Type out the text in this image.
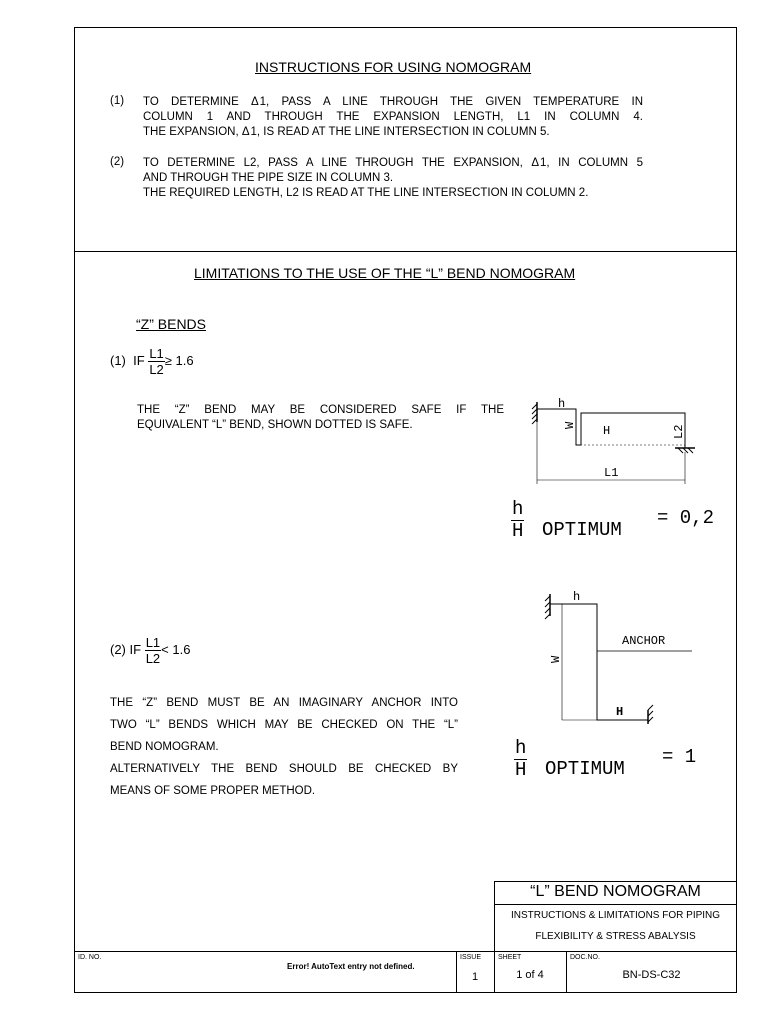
INSTRUCTIONS FOR USING NOMOGRAM
(1) TO DETERMINE Δ 1, PASS A LINE THROUGH THE GIVEN TEMPERATURE IN
COLUMN 1 AND THROUGH THE EXPANSION LENGTH, L1 IN COLUMN 4.
THE EXPANSION, Δ 1, IS READ AT THE LINE INTERSECTION IN COLUMN 5.
(2) TO DETERMINE L2, PASS A LINE THROUGH THE EXPANSION, Δ 1, IN COLUMN 5
AND THROUGH THE PIPE SIZE IN COLUMN 3.
THE REQUIRED LENGTH, L2 IS READ AT THE LINE INTERSECTION IN COLUMN 2.
LIMITATIONS TO THE USE OF THE “L” BEND NOMOGRAM
“Z” BENDS
(1) IF $\frac{L1}{L2} \ge 1.6$
THE “Z” BEND MAY BE CONSIDERED SAFE IF THE
EQUIVALENT “L” BEND, SHOWN DOTTED IS SAFE.
h
W H	L2
L1
$\frac{h}{H}$ OPTIMUM
= 0,2
(2) IF $\frac{L1}{L2} < 1.6$
THE “Z” BEND MUST BE AN IMAGINARY ANCHOR INTO
TWO “L” BENDS WHICH MAY BE CHECKED ON THE “L”
BEND NOMOGRAM.
ALTERNATIVELY THE BEND SHOULD BE CHECKED BY
MEANS OF SOME PROPER METHOD.
h
W
H
ANCHOR
$\frac{h}{H}$ OPTIMUM
= 1
“L” BEND NOMOGRAM
INSTRUCTIONS & LIMITATIONS FOR PIPING
FLEXIBILITY & STRESS ABALYSIS
ID. NO.
Error! AutoText entry not defined.
ISSUE
1
SHEET
1 of 4
DOC.NO.
BN-DS-C32
